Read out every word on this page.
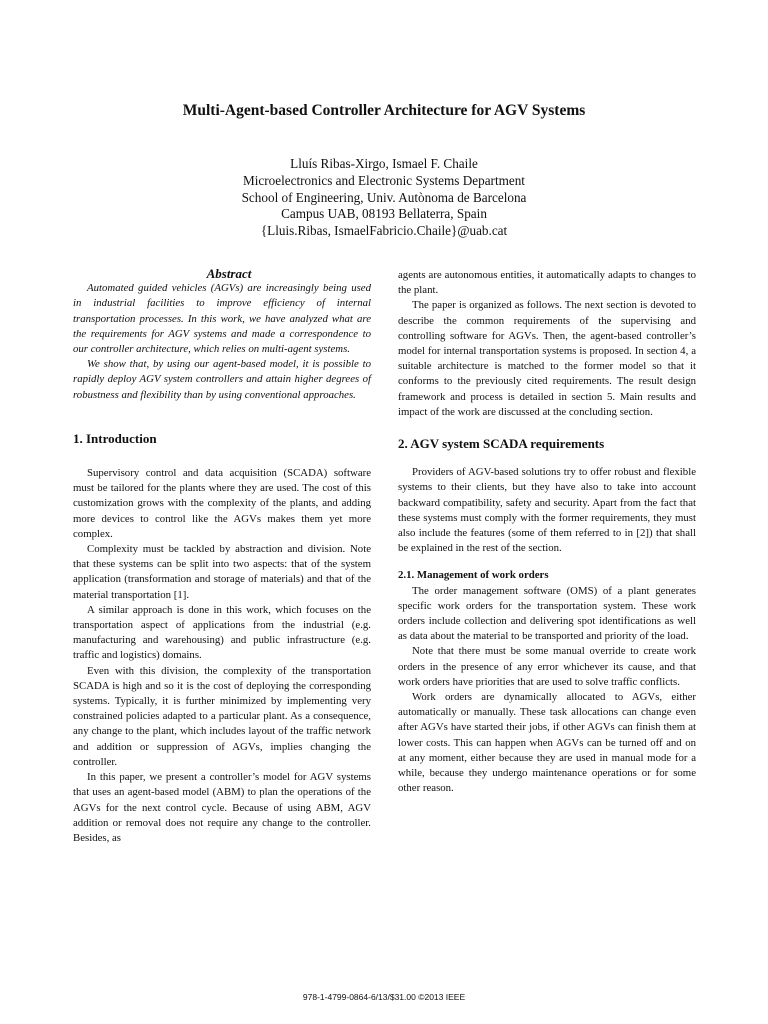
Multi-Agent-based Controller Architecture for AGV Systems
Lluís Ribas-Xirgo, Ismael F. Chaile
Microelectronics and Electronic Systems Department
School of Engineering, Univ. Autònoma de Barcelona
Campus UAB, 08193 Bellaterra, Spain
{Lluis.Ribas, IsmaelFabricio.Chaile}@uab.cat

Abstract

Automated guided vehicles (AGVs) are increasingly being used in industrial facilities to improve efficiency of internal transportation processes. In this work, we have analyzed what are the requirements for AGV systems and made a correspondence to our controller architecture, which relies on multi-agent systems.

We show that, by using our agent-based model, it is possible to rapidly deploy AGV system controllers and attain higher degrees of robustness and flexibility than by using conventional approaches.

1. Introduction

Supervisory control and data acquisition (SCADA) software must be tailored for the plants where they are used. The cost of this customization grows with the complexity of the plants, and adding more devices to control like the AGVs makes them yet more complex.

Complexity must be tackled by abstraction and division. Note that these systems can be split into two aspects: that of the system application (transformation and storage of materials) and that of the material transportation [1].

A similar approach is done in this work, which focuses on the transportation aspect of applications from the industrial (e.g. manufacturing and warehousing) and public infrastructure (e.g. traffic and logistics) domains.

Even with this division, the complexity of the transportation SCADA is high and so it is the cost of deploying the corresponding systems. Typically, it is further minimized by implementing very constrained policies adapted to a particular plant. As a consequence, any change to the plant, which includes layout of the traffic network and addition or suppression of AGVs, implies changing the controller.

In this paper, we present a controller’s model for AGV systems that uses an agent-based model (ABM) to plan the operations of the AGVs for the next control cycle. Because of using ABM, AGV addition or removal does not require any change to the controller. Besides, as

agents are autonomous entities, it automatically adapts to changes to the plant.

The paper is organized as follows. The next section is devoted to describe the common requirements of the supervising and controlling software for AGVs. Then, the agent-based controller’s model for internal transportation systems is proposed. In section 4, a suitable architecture is matched to the former model so that it conforms to the previously cited requirements. The result design framework and process is detailed in section 5. Main results and impact of the work are discussed at the concluding section.

2. AGV system SCADA requirements

Providers of AGV-based solutions try to offer robust and flexible systems to their clients, but they have also to take into account backward compatibility, safety and security. Apart from the fact that these systems must comply with the former requirements, they must also include the features (some of them referred to in [2]) that shall be explained in the rest of the section.

2.1. Management of work orders

The order management software (OMS) of a plant generates specific work orders for the transportation system. These work orders include collection and delivering spot identifications as well as data about the material to be transported and priority of the load.

Note that there must be some manual override to create work orders in the presence of any error whichever its cause, and that work orders have priorities that are used to solve traffic conflicts.

Work orders are dynamically allocated to AGVs, either automatically or manually. These task allocations can change even after AGVs have started their jobs, if other AGVs can finish them at lower costs. This can happen when AGVs can be turned off and on at any moment, either because they are used in manual mode for a while, because they undergo maintenance operations or for some other reason.

978-1-4799-0864-6/13/$31.00 ©2013 IEEE
